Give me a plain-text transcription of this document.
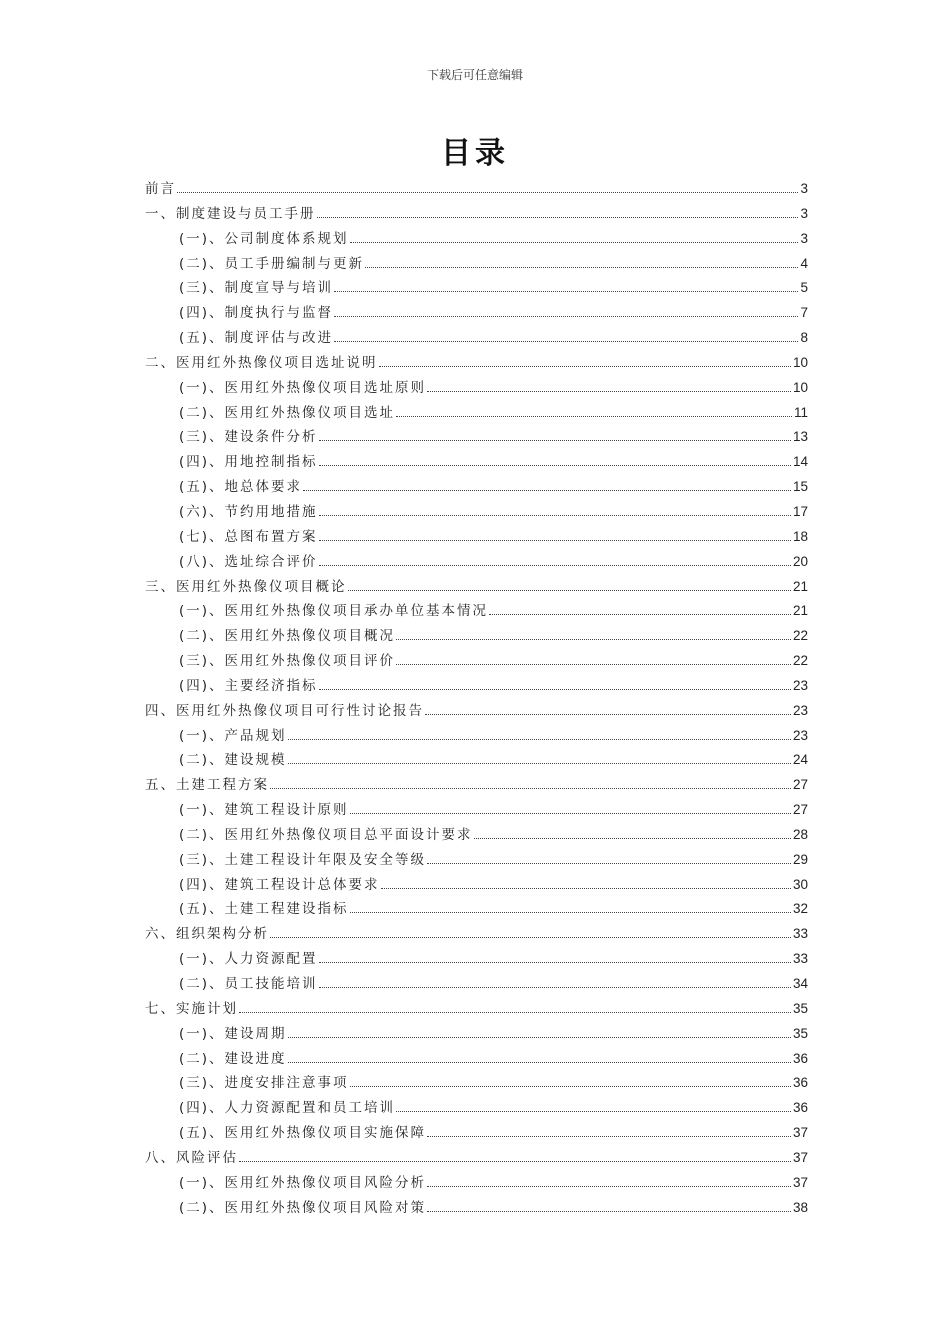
下载后可任意编辑
目录
前言	3
一、制度建设与员工手册	3
(一)、公司制度体系规划	3
(二)、员工手册编制与更新	4
(三)、制度宣导与培训	5
(四)、制度执行与监督	7
(五)、制度评估与改进	8
二、医用红外热像仪项目选址说明	10
(一)、医用红外热像仪项目选址原则	10
(二)、医用红外热像仪项目选址	11
(三)、建设条件分析	13
(四)、用地控制指标	14
(五)、地总体要求	15
(六)、节约用地措施	17
(七)、总图布置方案	18
(八)、选址综合评价	20
三、医用红外热像仪项目概论	21
(一)、医用红外热像仪项目承办单位基本情况	21
(二)、医用红外热像仪项目概况	22
(三)、医用红外热像仪项目评价	22
(四)、主要经济指标	23
四、医用红外热像仪项目可行性讨论报告	23
(一)、产品规划	23
(二)、建设规模	24
五、土建工程方案	27
(一)、建筑工程设计原则	27
(二)、医用红外热像仪项目总平面设计要求	28
(三)、土建工程设计年限及安全等级	29
(四)、建筑工程设计总体要求	30
(五)、土建工程建设指标	32
六、组织架构分析	33
(一)、人力资源配置	33
(二)、员工技能培训	34
七、实施计划	35
(一)、建设周期	35
(二)、建设进度	36
(三)、进度安排注意事项	36
(四)、人力资源配置和员工培训	36
(五)、医用红外热像仪项目实施保障	37
八、风险评估	37
(一)、医用红外热像仪项目风险分析	37
(二)、医用红外热像仪项目风险对策	38
